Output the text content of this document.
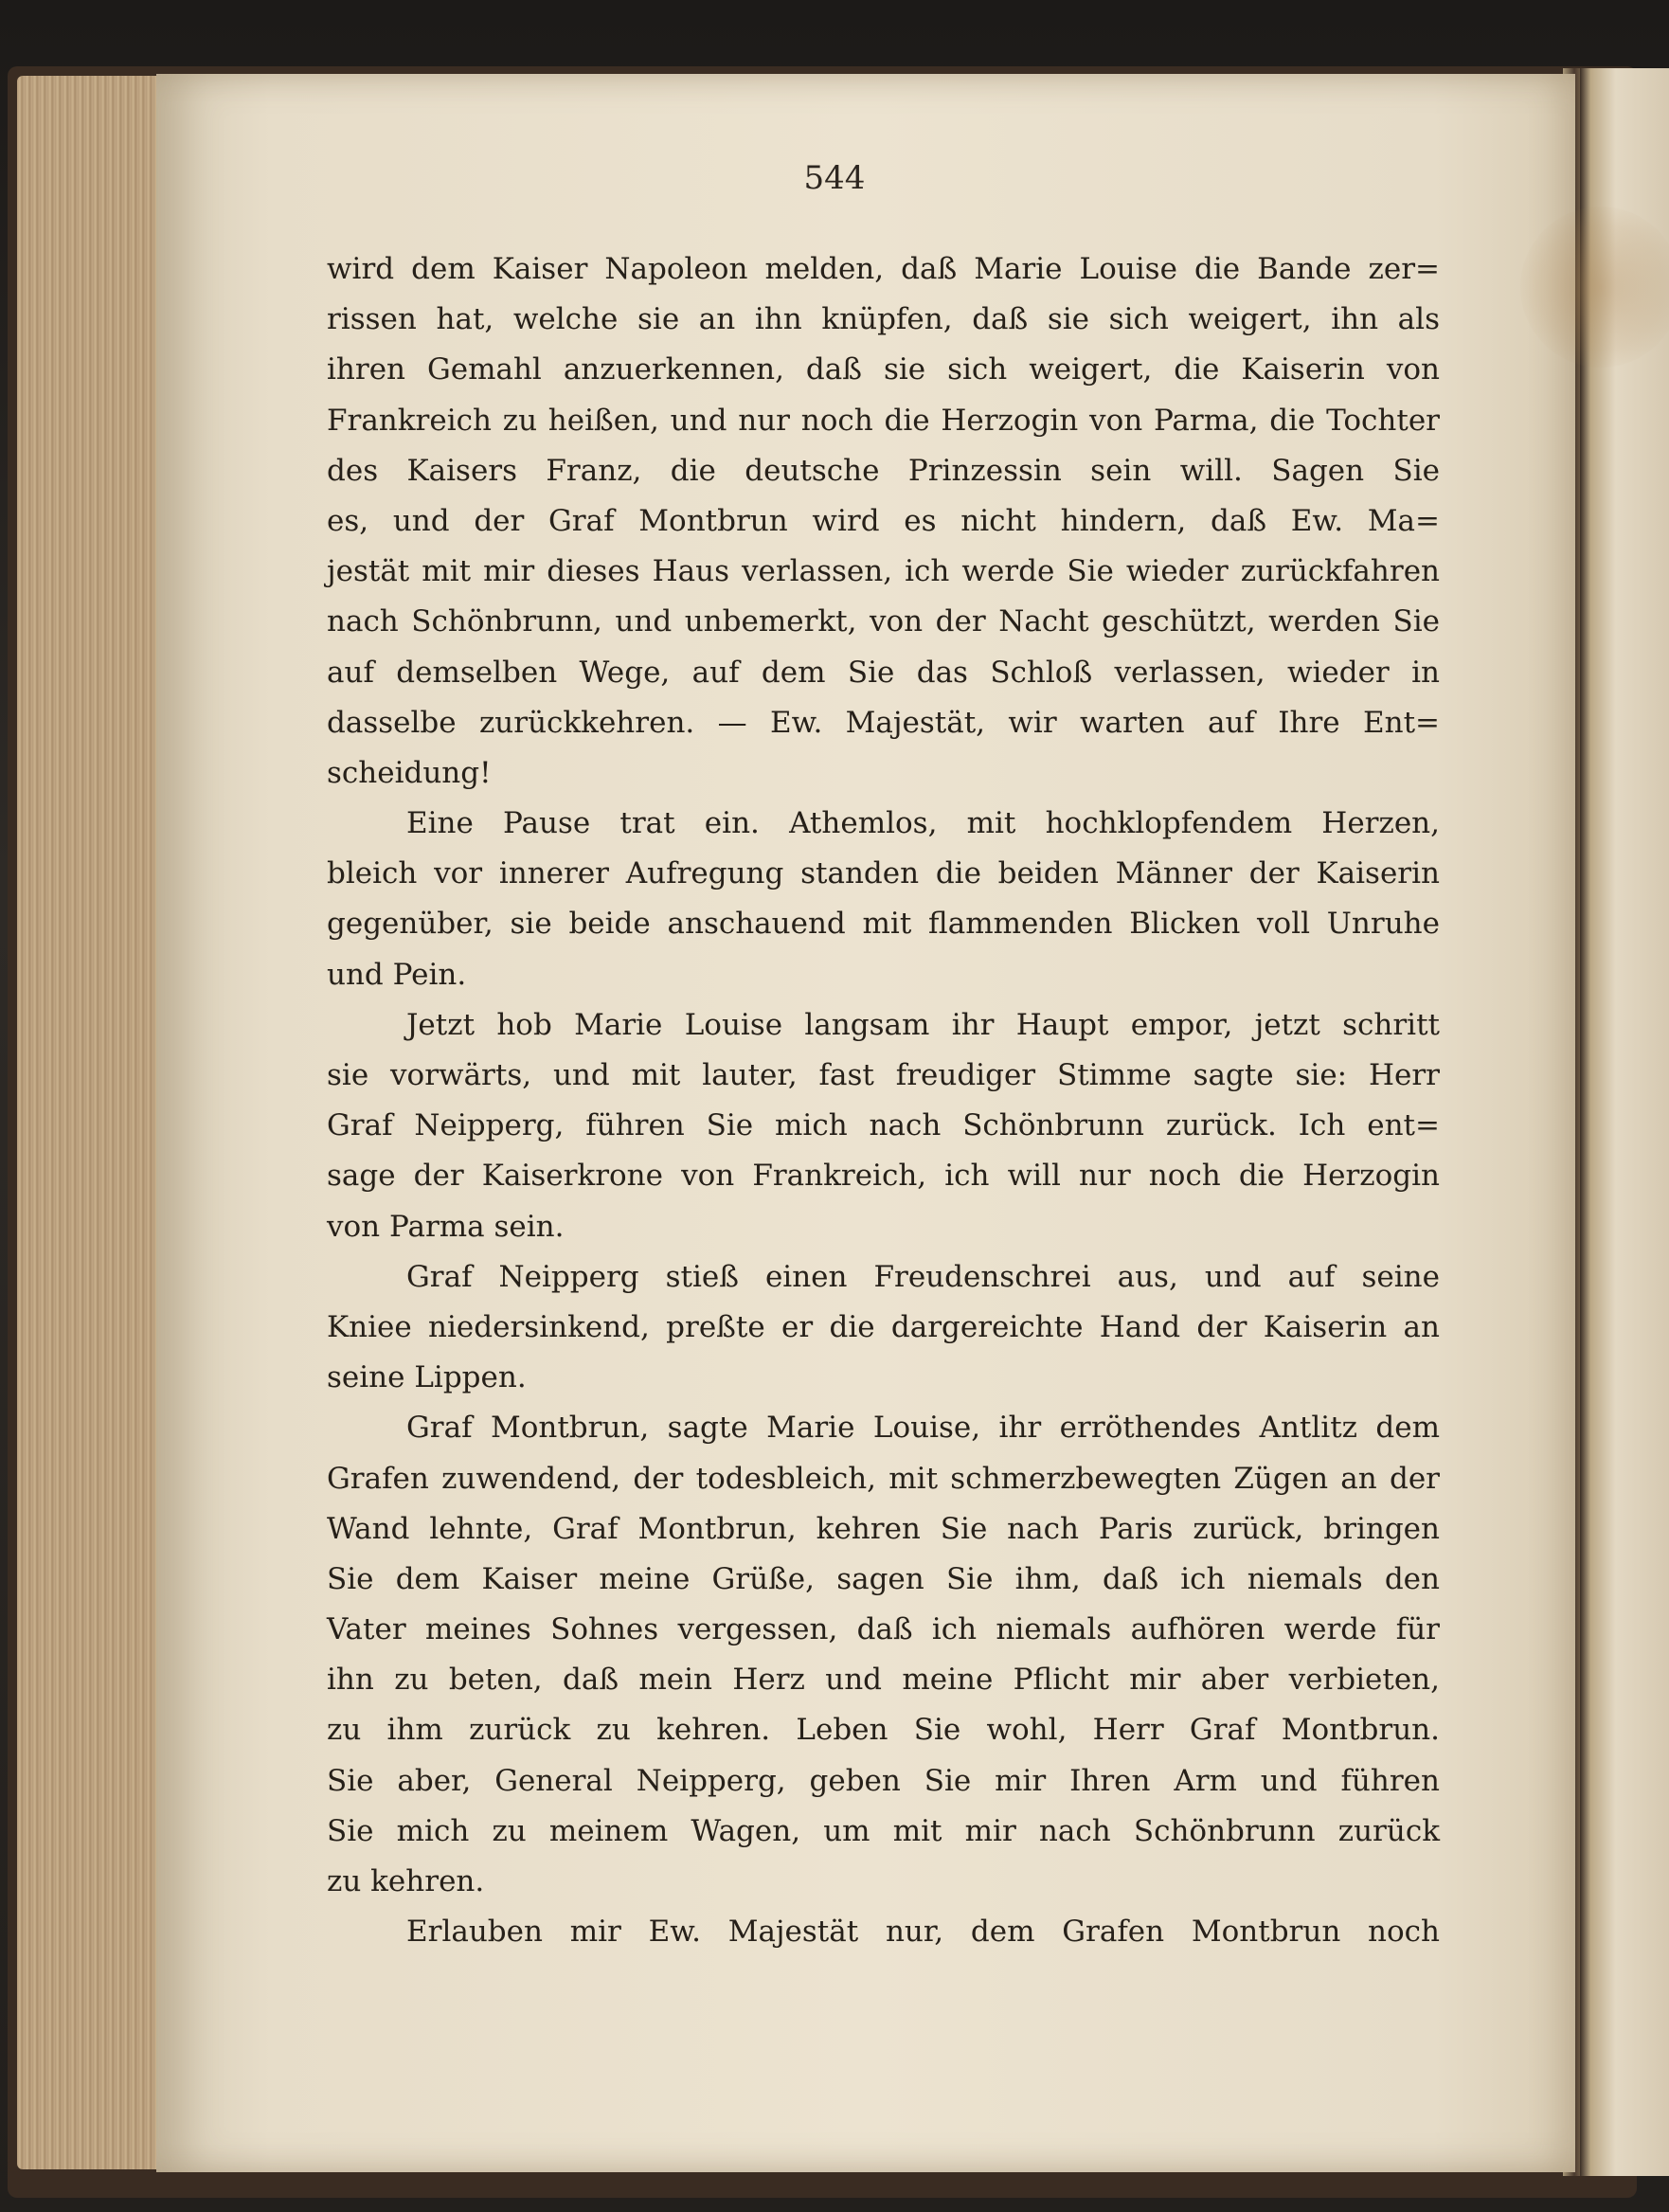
544
wird dem Kaiser Napoleon melden, daß Marie Louise die Bande zer=
rissen hat, welche sie an ihn knüpfen, daß sie sich weigert, ihn als
ihren Gemahl anzuerkennen, daß sie sich weigert, die Kaiserin von
Frankreich zu heißen, und nur noch die Herzogin von Parma, die Tochter
des Kaisers Franz, die deutsche Prinzessin sein will. Sagen Sie
es, und der Graf Montbrun wird es nicht hindern, daß Ew. Ma=
jestät mit mir dieses Haus verlassen, ich werde Sie wieder zurückfahren
nach Schönbrunn, und unbemerkt, von der Nacht geschützt, werden Sie
auf demselben Wege, auf dem Sie das Schloß verlassen, wieder in
dasselbe zurückkehren. — Ew. Majestät, wir warten auf Ihre Ent=
scheidung!
Eine Pause trat ein. Athemlos, mit hochklopfendem Herzen,
bleich vor innerer Aufregung standen die beiden Männer der Kaiserin
gegenüber, sie beide anschauend mit flammenden Blicken voll Unruhe
und Pein.
Jetzt hob Marie Louise langsam ihr Haupt empor, jetzt schritt
sie vorwärts, und mit lauter, fast freudiger Stimme sagte sie: Herr
Graf Neipperg, führen Sie mich nach Schönbrunn zurück. Ich ent=
sage der Kaiserkrone von Frankreich, ich will nur noch die Herzogin
von Parma sein.
Graf Neipperg stieß einen Freudenschrei aus, und auf seine
Kniee niedersinkend, preßte er die dargereichte Hand der Kaiserin an
seine Lippen.
Graf Montbrun, sagte Marie Louise, ihr erröthendes Antlitz dem
Grafen zuwendend, der todesbleich, mit schmerzbewegten Zügen an der
Wand lehnte, Graf Montbrun, kehren Sie nach Paris zurück, bringen
Sie dem Kaiser meine Grüße, sagen Sie ihm, daß ich niemals den
Vater meines Sohnes vergessen, daß ich niemals aufhören werde für
ihn zu beten, daß mein Herz und meine Pflicht mir aber verbieten,
zu ihm zurück zu kehren. Leben Sie wohl, Herr Graf Montbrun.
Sie aber, General Neipperg, geben Sie mir Ihren Arm und führen
Sie mich zu meinem Wagen, um mit mir nach Schönbrunn zurück
zu kehren.
Erlauben mir Ew. Majestät nur, dem Grafen Montbrun noch
